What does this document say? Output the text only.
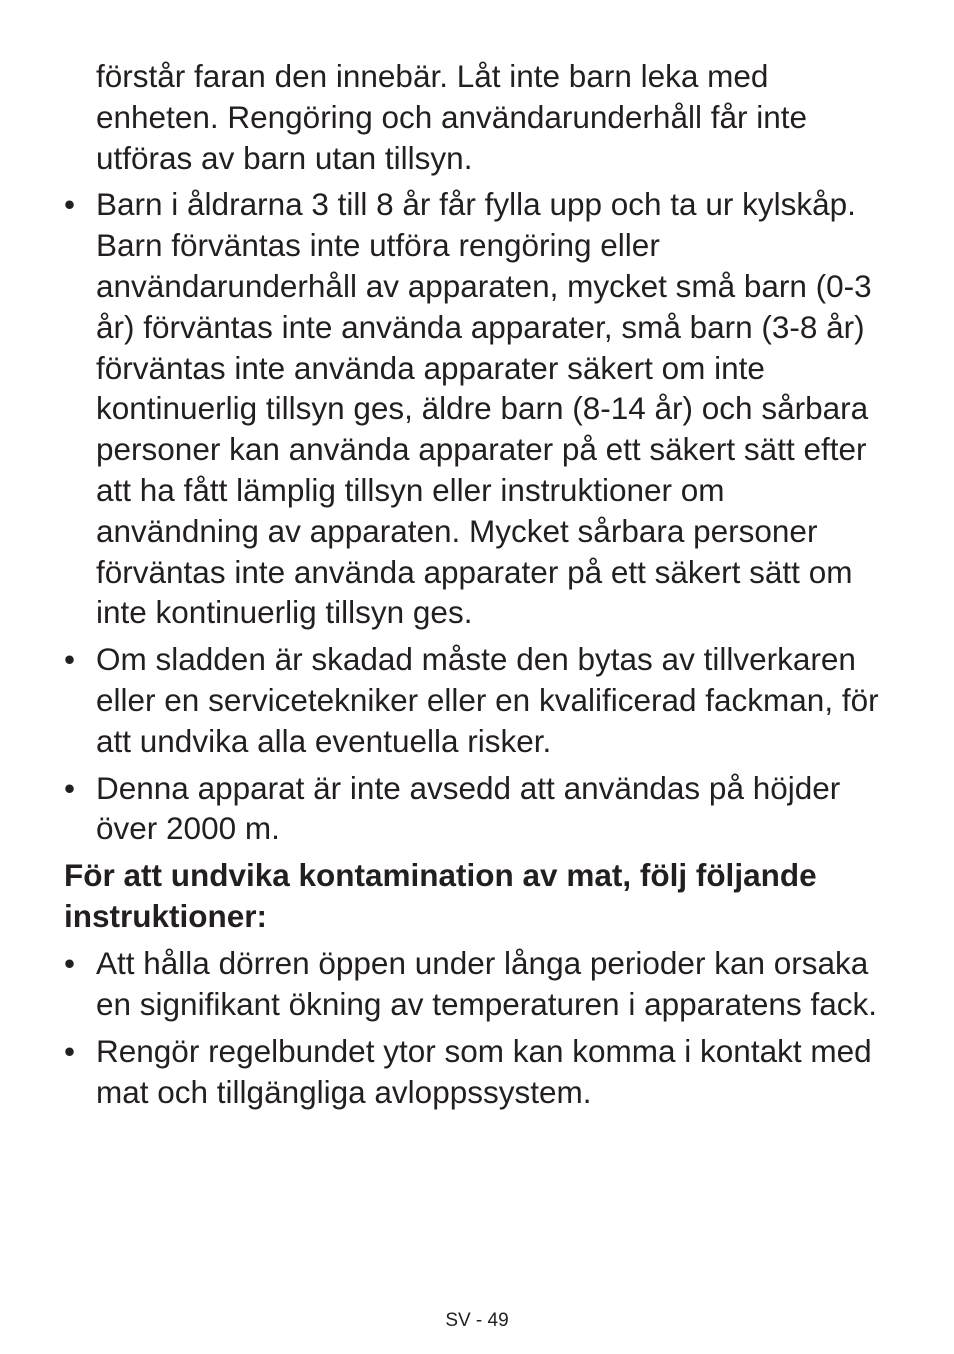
förstår faran den innebär. Låt inte barn leka med enheten. Rengöring och användarunderhåll får inte utföras av barn utan tillsyn.

• Barn i åldrarna 3 till 8 år får fylla upp och ta ur kylskåp. Barn förväntas inte utföra rengöring eller användarunderhåll av apparaten, mycket små barn (0-3 år) förväntas inte använda apparater, små barn (3-8 år) förväntas inte använda apparater säkert om inte kontinuerlig tillsyn ges, äldre barn (8-14 år) och sårbara personer kan använda apparater på ett säkert sätt efter att ha fått lämplig tillsyn eller instruktioner om användning av apparaten. Mycket sårbara personer förväntas inte använda apparater på ett säkert sätt om inte kontinuerlig tillsyn ges.
• Om sladden är skadad måste den bytas av tillverkaren eller en servicetekniker eller en kvalificerad fackman, för att undvika alla eventuella risker.
• Denna apparat är inte avsedd att användas på höjder över 2000 m.

För att undvika kontamination av mat, följ följande instruktioner:

• Att hålla dörren öppen under långa perioder kan orsaka en signifikant ökning av temperaturen i apparatens fack.
• Rengör regelbundet ytor som kan komma i kontakt med mat och tillgängliga avloppssystem.
SV - 49
